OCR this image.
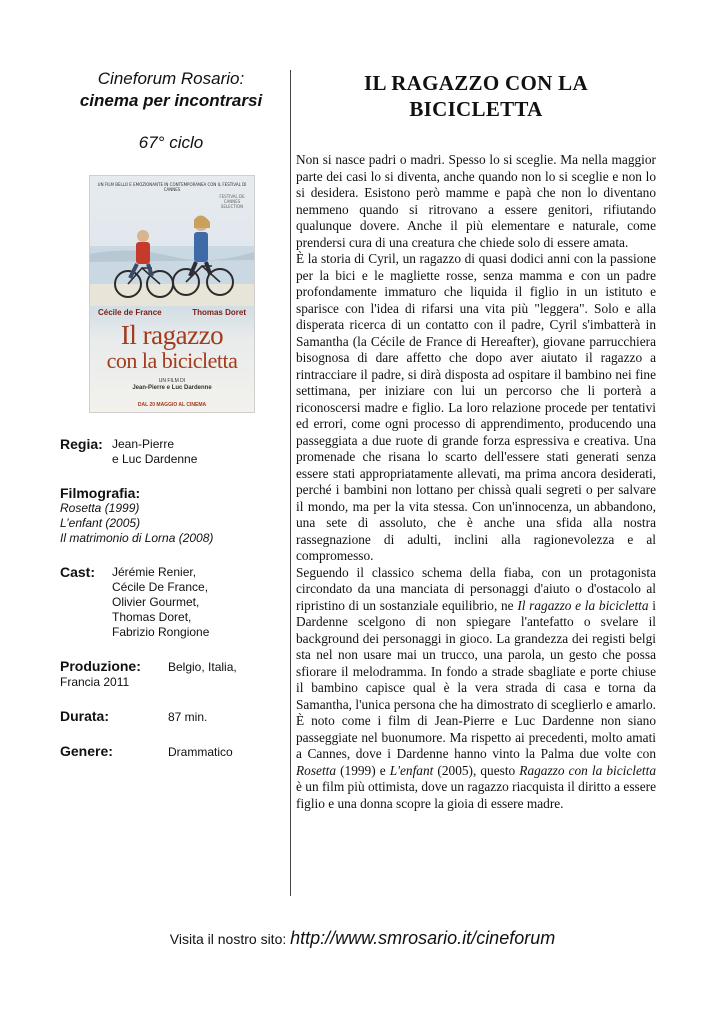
Cineforum Rosario:

cinema per incontrarsi

67° ciclo
UN FILM BELLO E EMOZIONANTE IN CONTEMPORANEA CON IL FESTIVAL DI CANNES
FESTIVAL DE CANNES SELECTION
Cécile de France	Thomas Doret
Il ragazzo
con la bicicletta
UN FILM DI
Jean-Pierre e Luc Dardenne
DAL 20 MAGGIO AL CINEMA
Regia: Jean-Pierre
e Luc Dardenne
Filmografia:
Rosetta (1999)
L’enfant (2005)
Il matrimonio di Lorna (2008)
Cast:	Jérémie Renier,
Cécile De France,
Olivier Gourmet,
Thomas Doret,
Fabrizio Rongione
Produzione:	Belgio, Italia,
Francia 2011
Durata:	87 min.
Genere:	Drammatico
IL RAGAZZO CON LA
BICICLETTA

Non si nasce padri o madri. Spesso lo si sceglie. Ma nella maggior parte dei casi lo si diventa, anche quando non lo si sceglie e non lo si desidera. Esistono però mamme e papà che non lo diventano nemmeno quando si ritrovano a essere genitori, rifiutando qualunque dovere. Anche il più elementare e naturale, come prendersi cura di una creatura che chiede solo di essere amata.

È la storia di Cyril, un ragazzo di quasi dodici anni con la passione per la bici e le magliette rosse, senza mamma e con un padre profondamente immaturo che liquida il figlio in un istituto e sparisce con l'idea di rifarsi una vita più "leggera". Solo e alla disperata ricerca di un contatto con il padre, Cyril s'imbatterà in Samantha (la Cécile de France di Hereafter), giovane parrucchiera bisognosa di dare affetto che dopo aver aiutato il ragazzo a rintracciare il padre, si dirà disposta ad ospitare il bambino nei fine settimana, per iniziare con lui un percorso che li porterà a riconoscersi madre e figlio. La loro relazione procede per tentativi ed errori, come ogni processo di apprendimento, producendo una passeggiata a due ruote di grande forza espressiva e creativa. Una promenade che risana lo scarto dell'essere stati generati senza essere stati appropriatamente allevati, ma prima ancora desiderati, perché i bambini non lottano per chissà quali segreti o per salvare il mondo, ma per la vita stessa. Con un'innocenza, un abbandono, una sete di assoluto, che è anche una sfida alla nostra rassegnazione di adulti, inclini alla ragionevolezza e al compromesso.

Seguendo il classico schema della fiaba, con un protagonista circondato da una manciata di personaggi d'aiuto o d'ostacolo al ripristino di un sostanziale equilibrio, ne Il ragazzo e la bicicletta i Dardenne scelgono di non spiegare l'antefatto o svelare il background dei personaggi in gioco. La grandezza dei registi belgi sta nel non usare mai un trucco, una parola, un gesto che possa sfiorare il melodramma. In fondo a strade sbagliate e porte chiuse il bambino capisce qual è la vera strada di casa e torna da Samantha, l'unica persona che ha dimostrato di sceglierlo e amarlo. È noto come i film di Jean-Pierre e Luc Dardenne non siano passeggiate nel buonumore. Ma rispetto ai precedenti, molto amati a Cannes, dove i Dardenne hanno vinto la Palma due volte con Rosetta (1999) e L'enfant (2005), questo Ragazzo con la bicicletta è un film più ottimista, dove un ragazzo riacquista il diritto a essere figlio e una donna scopre la gioia di essere madre.

Visita il nostro sito: http://www.smrosario.it/cineforum
